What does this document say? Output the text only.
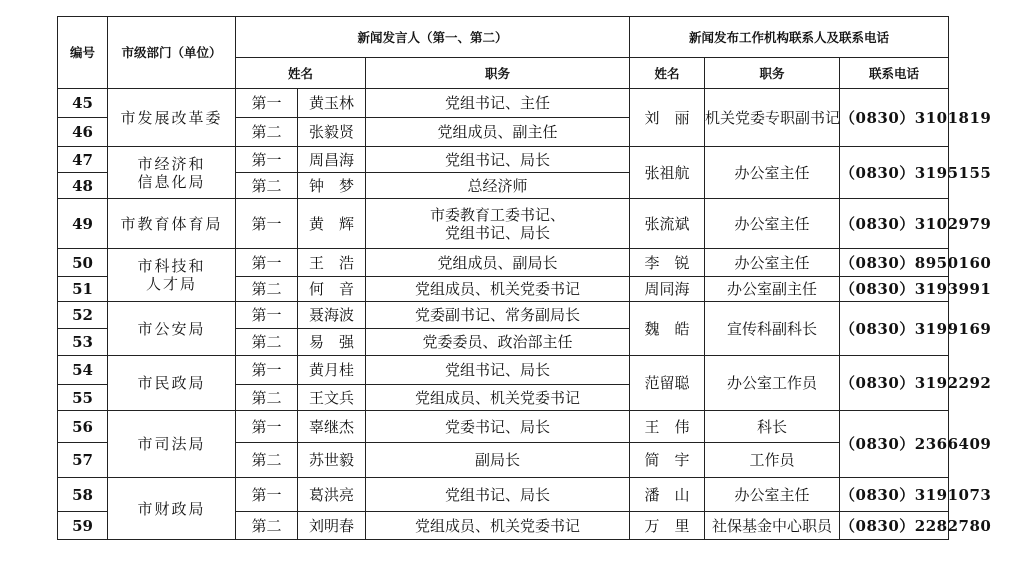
编号	市级部门（单位）	新闻发言人（第一、第二）			新闻发布工作机构联系人及联系电话		
		姓名		职务	姓名	职务	联系电话
45	市发展改革委	第一	黄玉林	党组书记、主任	刘　丽	机关党委专职副书记	（0830）3101819
46		第二	张毅贤	党组成员、副主任			
47	市经济和信息化局	第一	周昌海	党组书记、局长	张祖航	办公室主任	（0830）3195155
48		第二	钟　梦	总经济师			
49	市教育体育局	第一	黄　辉	市委教育工委书记、党组书记、局长	张流斌	办公室主任	（0830）3102979
50	市科技和人才局	第一	王　浩	党组成员、副局长	李　锐	办公室主任	（0830）8950160
51		第二	何　音	党组成员、机关党委书记	周同海	办公室副主任	（0830）3193991
52	市公安局	第一	聂海波	党委副书记、常务副局长	魏　皓	宣传科副科长	（0830）3199169
53		第二	易　强	党委委员、政治部主任			
54	市民政局	第一	黄月桂	党组书记、局长	范留聪	办公室工作员	（0830）3192292
55		第二	王文兵	党组成员、机关党委书记			
56	市司法局	第一	辜继杰	党委书记、局长	王　伟	科长	（0830）2366409
57		第二	苏世毅	副局长	简　宇	工作员	
58	市财政局	第一	葛洪亮	党组书记、局长	潘　山	办公室主任	（0830）3191073
59		第二	刘明春	党组成员、机关党委书记	万　里	社保基金中心职员	（0830）2282780
